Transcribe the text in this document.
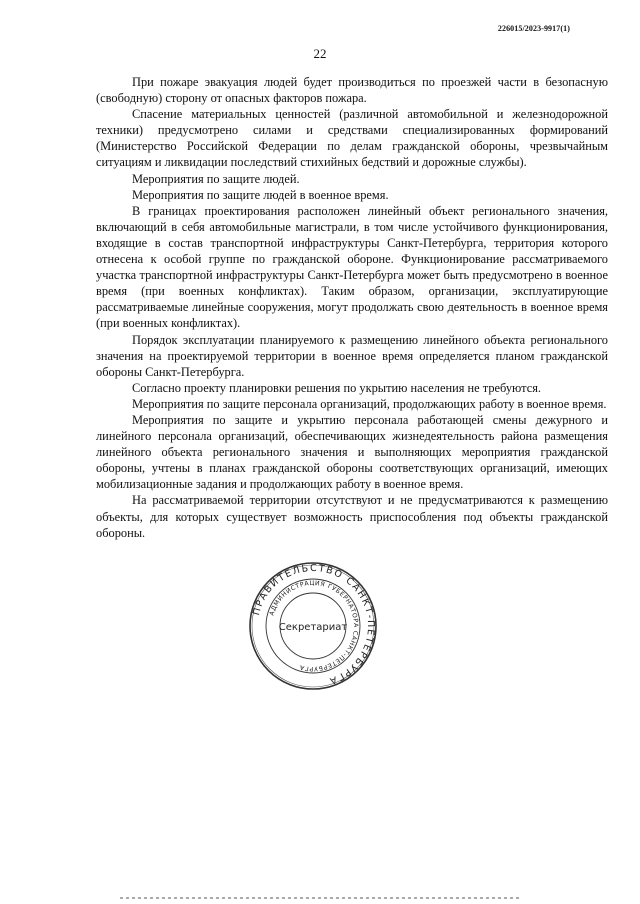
226015/2023-9917(1)
22

При пожаре эвакуация людей будет производиться по проезжей части в безопасную (свободную) сторону от опасных факторов пожара.

Спасение материальных ценностей (различной автомобильной и железнодорожной техники) предусмотрено силами и средствами специализированных формирований (Министерство Российской Федерации по делам гражданской обороны, чрезвычайным ситуациям и ликвидации последствий стихийных бедствий и дорожные службы).

Мероприятия по защите людей.

Мероприятия по защите людей в военное время.

В границах проектирования расположен линейный объект регионального значения, включающий в себя автомобильные магистрали, в том числе устойчивого функционирования, входящие в состав транспортной инфраструктуры Санкт-Петербурга, территория которого отнесена к особой группе по гражданской обороне. Функционирование рассматриваемого участка транспортной инфраструктуры Санкт-Петербурга может быть предусмотрено в военное время (при военных конфликтах). Таким образом, организации, эксплуатирующие рассматриваемые линейные сооружения, могут продолжать свою деятельность в военное время (при военных конфликтах).

Порядок эксплуатации планируемого к размещению линейного объекта регионального значения на проектируемой территории в военное время определяется планом гражданской обороны Санкт-Петербурга.

Согласно проекту планировки решения по укрытию населения не требуются.

Мероприятия по защите персонала организаций, продолжающих работу в военное время.

Мероприятия по защите и укрытию персонала работающей смены дежурного и линейного персонала организаций, обеспечивающих жизнедеятельность района размещения линейного объекта регионального значения и выполняющих мероприятия гражданской обороны, учтены в планах гражданской обороны соответствующих организаций, имеющих мобилизационные задания и продолжающих работу в военное время.

На рассматриваемой территории отсутствуют и не предусматриваются к размещению объекты, для которых существует возможность приспособления под объекты гражданской обороны.

ПРАВИТЕЛЬСТВО САНКТ-ПЕТЕРБУРГА
АДМИНИСТРАЦИЯ ГУБЕРНАТОРА САНКТ-ПЕТЕРБУРГА
Секретариат
